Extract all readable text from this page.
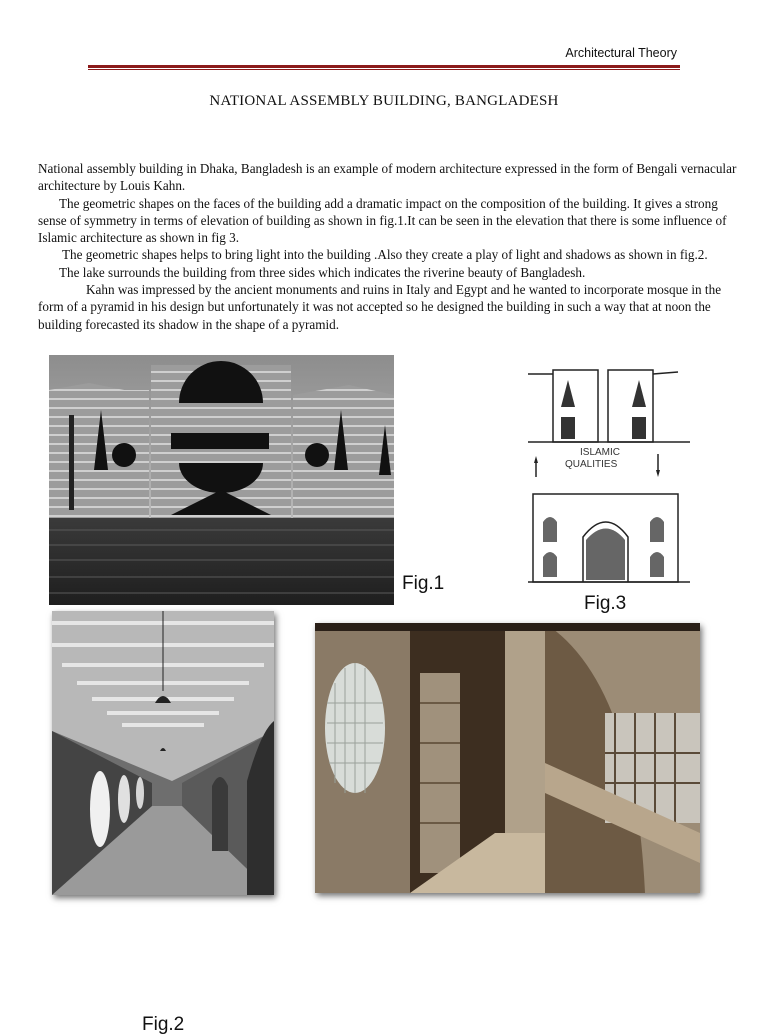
Architectural Theory
NATIONAL ASSEMBLY BUILDING, BANGLADESH

National assembly building in Dhaka, Bangladesh is an example of modern architecture expressed in the form of Bengali vernacular architecture by Louis Kahn.

The geometric shapes on the faces of the building add a dramatic impact on the composition of the building. It gives a strong sense of symmetry in terms of elevation of building as shown in fig.1.It can be seen in the elevation that there is some influence of Islamic architecture as shown in fig 3.

The geometric shapes helps to bring light into the building .Also they create a play of light and shadows as shown in fig.2.

The lake surrounds the building from three sides which indicates the riverine beauty of Bangladesh.

Kahn was impressed by the ancient monuments and ruins in Italy and Egypt and he wanted to incorporate mosque in the form of a pyramid in his design but unfortunately it was not accepted so he designed the building in such a way that at noon the building forecasted its shadow in the shape of a pyramid.

Fig.1
ISLAMIC
QUALITIES
Fig.3
Fig.2
